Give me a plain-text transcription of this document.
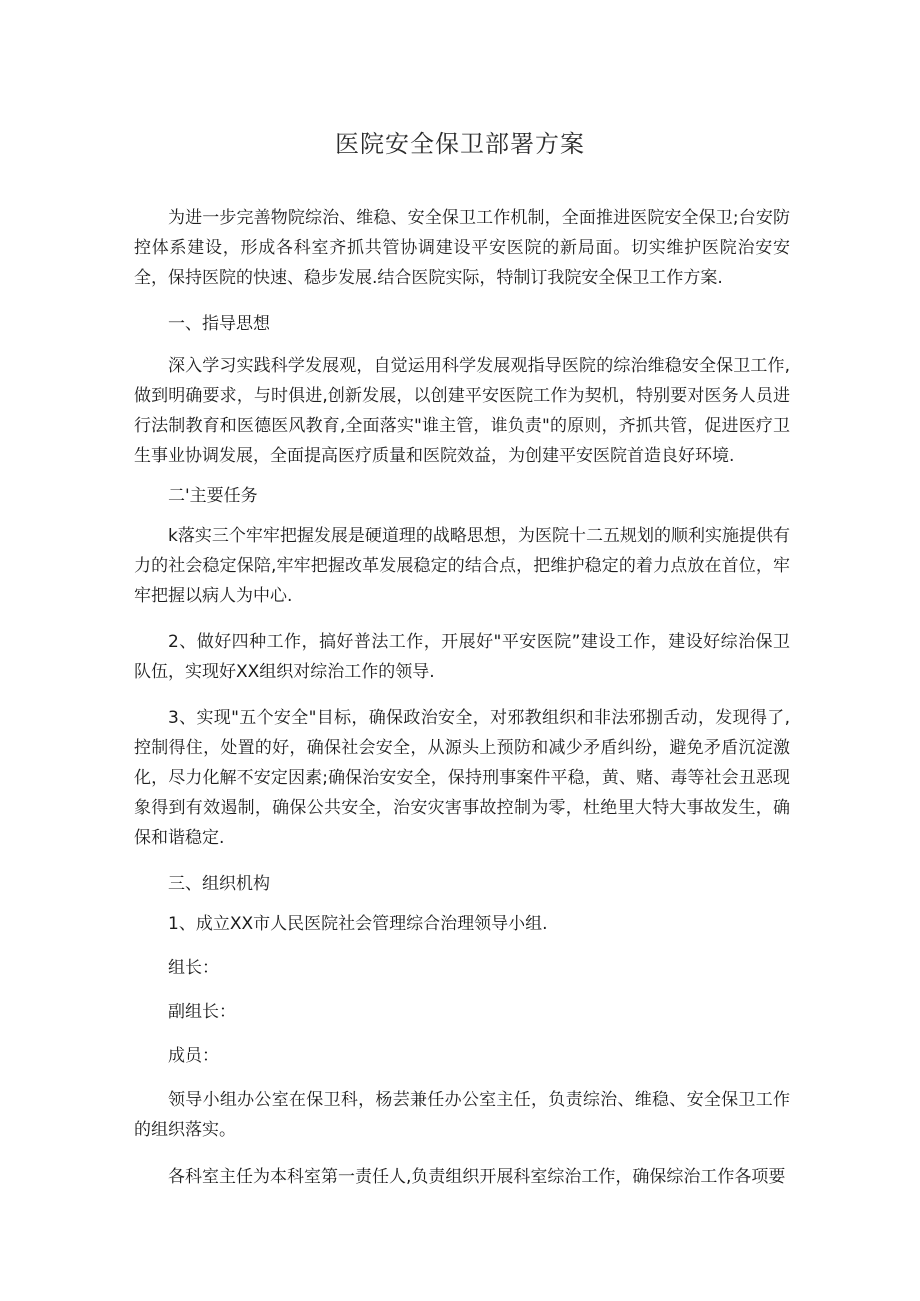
医院安全保卫部署方案

为进一步完善物院综治、维稳、安全保卫工作机制，全面推进医院安全保卫;台安防控体系建设，形成各科室齐抓共管协调建设平安医院的新局面。切实维护医院治安安全，保持医院的快速、稳步发展.结合医院实际，特制订我院安全保卫工作方案.

一、指导思想

深入学习实践科学发展观，自觉运用科学发展观指导医院的综治维稳安全保卫工作,做到明确要求，与时俱进,创新发展，以创建平安医院工作为契机，特别要对医务人员进行法制教育和医德医风教育,全面落实"谁主管，谁负责"的原则，齐抓共管，促进医疗卫生事业协调发展，全面提高医疗质量和医院效益，为创建平安医院首造良好环境.

二'主要任务

k落实三个牢牢把握发展是硬道理的战略思想，为医院十二五规划的顺利实施提供有力的社会稳定保陪,牢牢把握改革发展稳定的结合点，把维护稳定的着力点放在首位，牢牢把握以病人为中心.

2、做好四种工作，搞好普法工作，开展好"平安医院”建设工作，建设好综治保卫队伍，实现好XX组织对综治工作的领导.

3、实现"五个安全"目标，确保政治安全，对邪教组织和非法邪捌舌动，发现得了,控制得住，处置的好，确保社会安全，从源头上预防和减少矛盾纠纷，避免矛盾沉淀激化，尽力化解不安定因素;确保治安安全，保持刑事案件平稳，黄、赌、毒等社会丑恶现象得到有效遏制，确保公共安全，治安灾害事故控制为零，杜绝里大特大事故发生，确保和谐稳定.

三、组织机构

1、成立XX市人民医院社会管理综合治理领导小组.

组长：

副组长：

成员：

领导小组办公室在保卫科，杨芸兼任办公室主任，负责综治、维稳、安全保卫工作的组织落实。

各科室主任为本科室第一责任人,负责组织开展科室综治工作，确保综治工作各项要
